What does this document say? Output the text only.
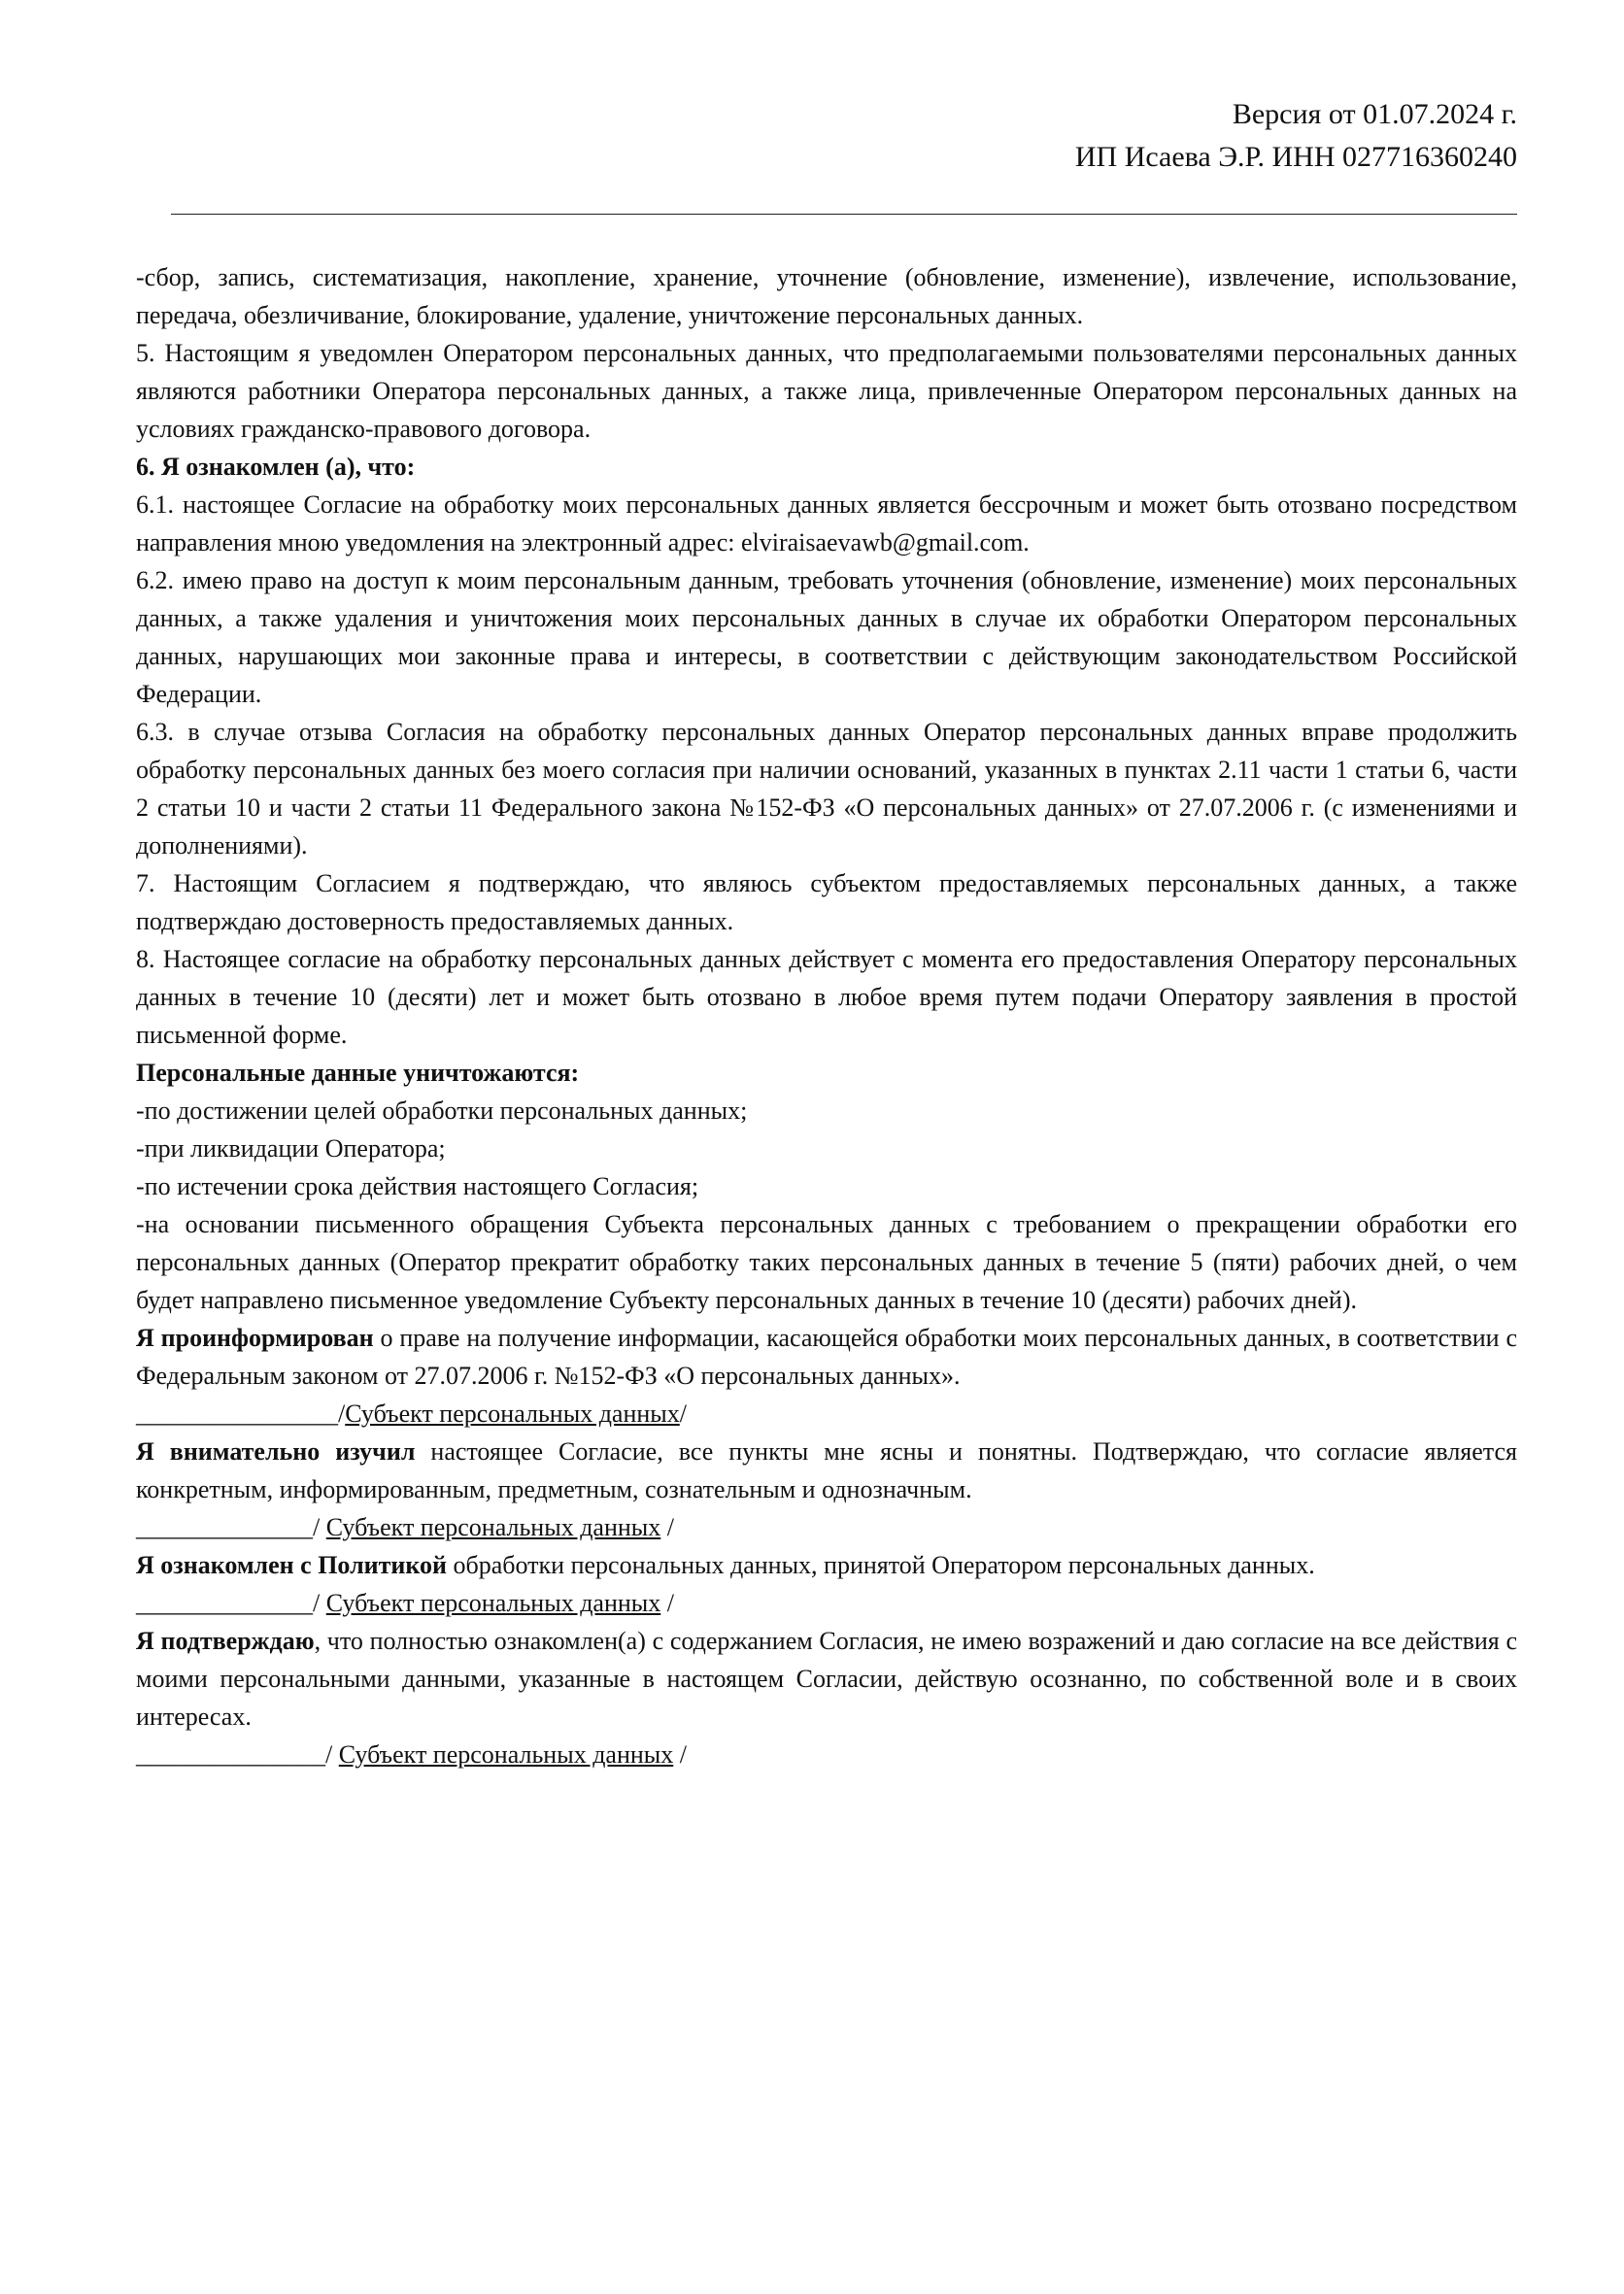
Версия от 01.07.2024 г.
ИП Исаева Э.Р. ИНН 027716360240

-сбор, запись, систематизация, накопление, хранение, уточнение (обновление, изменение), извлечение, использование, передача, обезличивание, блокирование, удаление, уничтожение персональных данных.

5. Настоящим я уведомлен Оператором персональных данных, что предполагаемыми пользователями персональных данных являются работники Оператора персональных данных, а также лица, привлеченные Оператором персональных данных на условиях гражданско-правового договора.

6. Я ознакомлен (а), что:

6.1. настоящее Согласие на обработку моих персональных данных является бессрочным и может быть отозвано посредством направления мною уведомления на электронный адрес: elviraisaevawb@gmail.com.

6.2. имею право на доступ к моим персональным данным, требовать уточнения (обновление, изменение) моих персональных данных, а также удаления и уничтожения моих персональных данных в случае их обработки Оператором персональных данных, нарушающих мои законные права и интересы, в соответствии с действующим законодательством Российской Федерации.

6.3. в случае отзыва Согласия на обработку персональных данных Оператор персональных данных вправе продолжить обработку персональных данных без моего согласия при наличии оснований, указанных в пунктах 2.11 части 1 статьи 6, части 2 статьи 10 и части 2 статьи 11 Федерального закона №152-ФЗ «О персональных данных» от 27.07.2006 г. (с изменениями и дополнениями).

7. Настоящим Согласием я подтверждаю, что являюсь субъектом предоставляемых персональных данных, а также подтверждаю достоверность предоставляемых данных.

8. Настоящее согласие на обработку персональных данных действует с момента его предоставления Оператору персональных данных в течение 10 (десяти) лет и может быть отозвано в любое время путем подачи Оператору заявления в простой письменной форме.

Персональные данные уничтожаются:

-по достижении целей обработки персональных данных;

-при ликвидации Оператора;

-по истечении срока действия настоящего Согласия;

-на основании письменного обращения Субъекта персональных данных с требованием о прекращении обработки его персональных данных (Оператор прекратит обработку таких персональных данных в течение 5 (пяти) рабочих дней, о чем будет направлено письменное уведомление Субъекту персональных данных в течение 10 (десяти) рабочих дней).

Я проинформирован о праве на получение информации, касающейся обработки моих персональных данных, в соответствии с Федеральным законом от 27.07.2006 г. №152-ФЗ «О персональных данных».

________________/Субъект персональных данных/

Я внимательно изучил настоящее Согласие, все пункты мне ясны и понятны. Подтверждаю, что согласие является конкретным, информированным, предметным, сознательным и однозначным.

______________/ Субъект персональных данных /

Я ознакомлен с Политикой обработки персональных данных, принятой Оператором персональных данных.

______________/ Субъект персональных данных /

Я подтверждаю, что полностью ознакомлен(а) с содержанием Согласия, не имею возражений и даю согласие на все действия с моими персональными данными, указанные в настоящем Согласии, действую осознанно, по собственной воле и в своих интересах.

_______________/ Субъект персональных данных /
